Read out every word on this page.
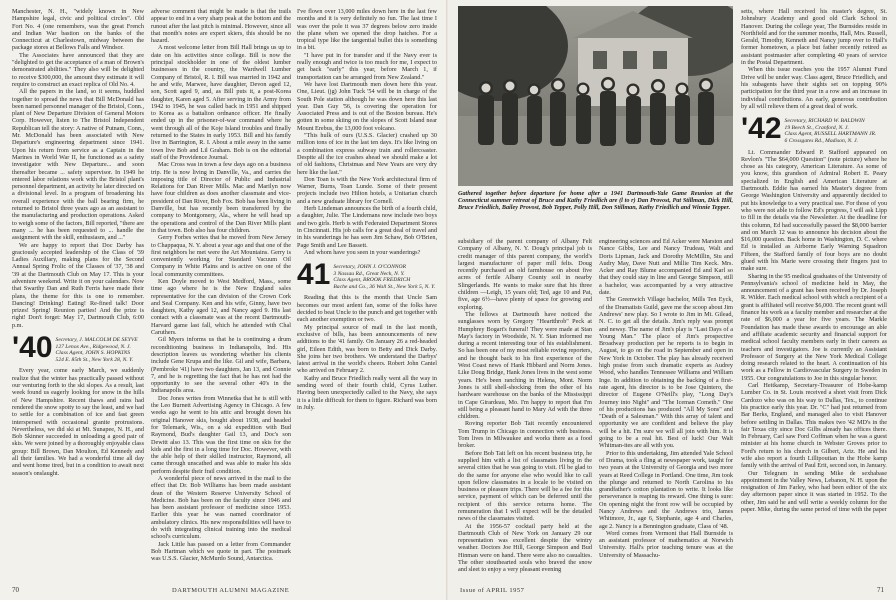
Manchester, N. H., "widely known in New Hampshire legal, civic and political circles". Old Fort No. 4 (one remembers, was the great French and Indian War bastion on the banks of the Connecticut at Charlestown, midway between the package stores at Bellows Falls and Windsor.

The Associates have announced that they are "delighted to get the acceptance of a man of Brown's demonstrated abilities." They also will be delighted to receive $300,000, the amount they estimate it will require to construct an exact replica of Old No. 4.

All the papers in the land, so it seems, huddled together to spread the news that Bill McDonald has been named personnel manager of the Bristol, Conn., plant of New Departure Division of General Motors Corp. However, listen to The Bristol Independent Republican tell the story: A native of Putnam, Conn., Mr. McDonald has been associated with New Departure's engineering department since 1941. Upon his return from service as a Captain in the Marines in World War II, he functioned as a safety investigator with New Departure... and soon thereafter became ... safety supervisor. In 1949 he entered labor relations work with the Bristol plant's personnel department, an activity he later directed on a divisional level. In a program of broadening his overall experience with the ball bearing firm, he returned to Bristol three years ago as an assistant to the manufacturing and production operations. Asked to weigh some of the factors, Bill reported, "there are many ... he has been requested to ... handle the assignment with the skill, enthusiasm, and ..."

We are happy to report that Doc Darby has graciously accepted leadership of the Class of '39 Ladies Auxiliary, making plans for the Second Annual Spring Frolic of the Classes of '37, '38 and '39 at the Dartmouth Club on May 17. This is your adventure weekend. Write it on your calendars. Now that Swarthy Dan and Ruth Ferris have made their plans, the theme for this is one to remember. Dancing! Drinking! Eating! Re-fined talk! Door prizes! Spring! Reunion parties! And the prize is right! Don't forget: May 17, Dartmouth Club, 6:00 p.m.

'40 Secretary, J. MALCOLM DE SEYVE
127 Lenox Ave., Ridgewood, N. J.
Class Agent, JOHN S. HOPKINS
524 E. 85th St., New York 28, N. Y.

Every year, come early March, we suddenly realize that the winter has practically passed without our venturing forth to the ski slopes. As a result, last week found us eagerly looking for snow in the hills of New Hampshire. Recent thaws and rains had rendered the snow spotty to say the least, and we had to settle for a combination of ice and fast green interspersed with occasional granite protrusions. Nevertheless, we did ski at Mt. Sunapee, N. H., and Bob Skinner succeeded in unloading a good pair of skis. We were joined by a thoroughly enjoyable class group: Bill Brown, Dan Moulton, Ed Kennedy and all their families. We had a wonderful time all day and went home tired, but in a condition to await next season's onslaught.

adverse comment that might be made is that the trails appear to end in a very sharp peak at the bottom and the runout after the last pitch is minimal. However, since all that month's notes are expert skiers, this should be no hazard.

A most welcome letter from Bill Hall brings us up to date on his activities since college. Bill is now the principal stockholder in one of the oldest lumber businesses in the country, the Wardwell Lumber Company of Bristol, R. I. Bill was married in 1942 and he and wife, Marwee, have daughter, Devon aged 12, son, Scott aged 9, and, as Bill puts it, a post-Korea daughter, Karen aged 5. After serving in the Army from 1942 to 1945, he was called back in 1951 and shipped to Korea as a battalion ordnance officer. He finally ended up in the prisoner-of-war command where he went through all of the Koje Island troubles and finally returned to the States in early 1953. Bill and his family live in Barrington, R. I. About a mile away in the same town live Bob and Lil Graham. Bob is on the editorial staff of the Providence Journal.

Mac Cross was in town a few days ago on a business trip. He is now living in Danville, Va., and carries the imposing title of Director of Public and Industrial Relations for Dan River Mills. Mac and Marilyn now have four children as does another classmate and vice-president of Dan River, Bob Fox. Bob has been living in Danville, but has recently been transferred by the company to Montgomery, Ala., where he will head up the operations and control of the Dan River Mills plant in that town. Bob also has four children.

Gerry Forbes writes that he moved from New Jersey to Chappaqua, N. Y. about a year ago and that one of the first neighbors he met were the Art Mountains. Gerry is conveniently working for Standard Vacuum Oil Company in White Plains and is active on one of the local community committees.

Ken Doyle moved to West Medford, Mass., some time ago where he is the New England sales representative for the can division of the Crown Cork and Seal Company. Ken and his wife, Ginny, have two daughters, Kathy aged 12, and Nancy aged 9. His last contact with a classmate was at the recent Dartmouth-Harvard game last fall, which he attended with Chal Caruthers.

Gil Myers informs us that he is continuing a drum reconditioning business in Indianapolis, Ind. His description leaves us wondering whether his clients include Gene Krupa and the like. Gil and wife, Barbara, (Pembroke '41) have two daughters, Jan 13, and Connie 7, and he is regretting the fact that he has not had the opportunity to see the several other 40's in the Indianapolis area.

Doc Jones writes from Winnetka that he is still with the Leo Burnett Advertising Agency in Chicago. A few weeks ago he went to his attic and brought down his original Hanover skis, bought about 1938, and headed for Telemark, Wis., on a ski expedition with Bud Raymond, Bud's daughter Gail 13, and Doc's son Dewitt also 13. This was the first time on skis for the kids and the first in a long time for Doc. However, with the able help of their skilled instructor, Raymond, all came through unscathed and was able to make his skis perform despite their frail condition.

A wonderful piece of news arrived in the mail to the effect that Dr. Bob Williams has been made assistant dean of the Western Reserve University School of Medicine. Bob has been on the faculty since 1946 and has been assistant professor of medicine since 1953. Earlier this year he was named coordinator of ambulatory clinics. His new responsibilities will have to do with integrating clinical training into the medical school's curriculum.

Jack Little has passed on a letter from Commander Bob Hartman which we quote in part. The postmark was U.S.S. Glacier, McMurdo Sound, Antarctica.

I've flown over 13,000 miles down here in the last few months and it is very definitely no fun. The last time I was over the pole it was 37 degrees below zero inside the plane when we opened the drop hatches. For a tropical type like the tangential bullet this is something in a bit.

"I have put in for transfer and if the Navy ever is really enough and twice is too much for me, I expect to get back "early" this year, before March 1, if transportation can be arranged from New Zealand."

We have lost Dartmouth men down here this year. One, Lieut. (jg) John Tuck '54 will be in charge of the South Pole station although he was down here this last year. Dan Guy '56, is covering the operation for Associated Press and is out of the Boston bureau. He's gotten in some skiing on the slopes of Scott Island near Mount Erebus, the 13,000 foot volcano.

"This hulk of ours (U.S.S. Glacier) crashed up 30 million tons of ice in the last ten days. It's like living on a combination express subway train and rollercoaster. Despite all the ice crashes ahead we should make a lot of old fashions, Christmas and New Years are very dry here like the last."

Don Toan is with the New York architectural firm of Warner, Burns, Toan Lunde. Some of their present projects include two Hilton hotels, a Unitarian church and a new graduate library for Cornell.

Herb Lindeman announces the birth of a fourth child, a daughter, Julie. The Lindemans now include two boys and two girls. Herb is with Federated Department Stores in Cincinnati. His job calls for a great deal of travel and in his wanderings he has seen Jim Schaw, Bob O'Brien, Page Smith and Lee Bassett.

And whom have you seen in your wanderings?

41 Secretary, JOHN J. O'CONNOR
3 Nassau Rd., Great Neck, N. Y.
Class Agent, BROOK FREDRICH
Bache and Co., 36 Wall St., New York 5, N. Y.

Reading that this is the month that Uncle Sam becomes our most ardent fan, some of the folks have decided to beat Uncle to the punch and get together with each another exemption or two.

My principal source of mail in the last month, exclusive of bills, has been announcements of new additions to the '41 family. On January 26 a red-headed girl, Eileen Edith, was born to Betty and Dick Darby. She joins her two brothers. We understand the Darbys' latest arrival in the world's cheers. Robert John Cantel who arrived on February 2.

Kathy and Bruce Friedlich really went all the way in sending word of their fourth child, Cyrus Luther. Having been unexpectedly called to the Navy, she says it is a little difficult for them to figure. Richard was born in July.

70	DARTMOUTH ALUMNI MAGAZINE
Gathered together before departure for home after a 1941 Dartmouth-Yale Game Reunion at the Connecticut summer retreat of Bruce and Kathy Friedlich are (l to r) Dan Provost, Pat Stillman, Dick Hill, Bruce Friedlich, Bailey Provost, Bob Tepper, Polly Hill, Don Stillman, Kathy Friedlich and Winnie Tepper.

subsidiary of the parent company of Albany Felt Company of Albany, N. Y. Doug's principal job is credit manager of this parent company, the world's largest manufacturer of paper mill felts. Doug recently purchased an old farmhouse on about five acres of fertile Albany County soil in nearby Slingerlands. He wants to make sure that his three children —Leigh, 15 years old; Ted, age 10 and Pat, five, age 6½—have plenty of space for growing and exploring.

The fellows at Dartmouth have noticed the sunglasses worn by Gregory "Heartthrob" Peck at Humphrey Bogart's funeral! They were made at Stan May's factory in Woodside, N. Y. Stan informed me during a recent interesting tour of his establishment. So has been one of my most reliable roving reporters, and he thought back to his first experience of the West Coast news of Hank Hibbard and Norm Jones. Like Doug Bridge, Hank Jones lives in the west some years. He's been ranching in Helena, Mont. Norm Jones is still shell-shocking from the other of his hardware warehouse on the banks of the Mississippi in Cape Girardeau, Mo. I'm happy to report that I'm still being a pleasant hand to Mary Ad with the three children.

Roving reporter Bob Tait recently encountered Tom Trump in Chicago in connection with business. Tom lives in Milwaukee and works there as a food broker.

Before Bob Tait left on his recent business trip, he supplied him with a list of classmates living in the several cities that he was going to visit. I'll be glad to do the same for anyone else who would like to call upon fellow classmates in a locale to be visited on business or pleasure trips. There will be a fee for this service, payment of which can be deferred until the recipient of this service returns home. The remuneration that I will expect will be the detailed news of the classmates visited.

At the 1956-57 cocktail party held at the Dartmouth Club of New York on January 29 our representation was excellent despite the wintry weather. Doctors Joe Hill, George Simpson and Bud Hinman were on hand. There were also no casualties. The other stouthearted souls who braved the snow and sleet to enjoy a very pleasant evening

engineering sciences and Ed Acker were Marston and Nance Gibbs, Lee and Nancy Trudeau, Walt and Doris Lipman, Jack and Dorothy McMillin, Stu and Audry May, Dave Nutt and Millie Tim Keck. Mrs. Acker and Ray Blume accompanied Ed and Karl so that they could stay in line and George Simpson, still a bachelor, was accompanied by a very attractive date.

The Greenwich Village bachelor, Mills Ten Eyck, of the Dramatists Guild, gave me the scoop about Jim Andrews' new play. So I wrote to Jim in Mt. Gilead, N. C. to get all the details. Jim's reply was prompt and newsy. The name of Jim's play is "Last Days of a Young Man." The place of Jim's prospective Broadway production per he reports is to begin in August, to go on the road in September and open in New York in October. The play has already received high praise from such dramatic experts as Audrey Wood, who handles Tennessee Williams and William Inge. In addition to obtaining the backing of a first-rate agent, his director is to be Jose Quintero, the director of Eugene O'Neill's play, "Long Day's Journey into Night" and "The Iceman Cometh." One of his productions has produced "All My Sons" and "Death of a Salesman." With this array of talent and opportunity we are confident and believe the play will be a hit. I'm sure we will all join with him. It is going to be a real hit. Best of luck! Our Walt Whitman-ites are all with you.

Prior to this undertaking, Jim attended Yale School of Drama, took a fling at newspaper work, taught for two years at the University of Georgia and two more years at Reed College in Portland. One time, Jim took the plunge and returned to North Carolina to his grandfather's cotton plantation to write. It looks like perseverance is reaping its reward. One thing is sure: On opening night the front row will be occupied by Nancy Andrews and the Andrews trio, James Whitmore, Jr., age 6, Stephanie, age 4 and Charles, age 2. Nancy is a Bennington graduate, Class of '48.

Word comes from Vermont that Hall Burnside is an assistant professor of mathematics at Norwich University. Hall's prior teaching tenure was at the University of Massachu-

setts, where Hall received his master's degree, St. Johnsbury Academy and good old Clark School in Hanover. During the college year, The Burnsides reside in Northfield and for the summer months, Hall, Mrs. Russell, Gerald, Timothy, Kenneth and Nancy jump over to Hall's former hometown, a place but father recently retired as assistant postmaster after completing 40 years of service in the Postal Department.

When this issue reaches you the 1957 Alumni Fund Drive will be under way. Class agent, Bruce Friedlich, and his subagents have their sights set on topping 90% participation for the third year in a row and an increase in individual contributions. An early, generous contribution by all will relieve them of a great deal of work.

'42 Secretary, RICHARD W. BALDWIN
19 Beech St., Cranford, N. J.
Class Agent, RUSSELL HARTMANN JR.
6 Crossgates Rd., Madison, N. J.

Lt. Commander Edward P. Stafford appeared on Revlon's "The $64,000 Question" (note picture) where he chose as his category, American Literature. As some of you know, this grandson of Admiral Robert E. Peary specialized in English and American Literature at Dartmouth. Eddie has earned his Master's degree from George Washington University and apparently decided to put his knowledge to a very practical use. For those of you who were not able to follow Ed's progress, I will ask Lipp to fill in the details via the Newsletter. At the deadline for this column, Ed had successfully passed the $8,000 barrier and on March 12 was to announce his decision about the $16,000 question. Back home in Washington, D. C. where Ed is installed as Airborne Early Warning Squadron Fifteen, the Stafford family of four boys are no doubt glued with his Marie were crossing their fingers just to make sure.

Sharing in the 95 medical graduates of the University of Pennsylvania's school of medicine held in May, the announcement of a grant has been received by Dr. Joseph R. Wilder. Each medical school with which a recipient of a grant is affiliated will receive $6,000. The recent grant will finance his work as a faculty member and researcher at the rate of $6,000 a year for five years. The Markle Foundation has made these awards to encourage an able and affiliate academic security and financial support for medical school faculty members early in their careers as teachers and investigators. Joe is currently an Assistant Professor of Surgery at the New York Medical College doing research related to the heart. A continuation of his work as a Fellow in Cardiovascular Surgery in Sweden in 1955. Our congratulations to Joe in this singular honor.

Carl Heitkamp, Secretary-Treasurer of Hobe-kamp Lumber Co. in St. Louis received a short visit from Dick Cardozo who was on his way to Dallas, Tex., to continue his practice early this year. Dr. "C" had just returned from Bar Berks, England, and managed also to visit Hanover before settling in Dallas. This makes two '42 MD's in the fair Texas city since Doc Gilbs already has offices there. In February, Carl saw Ford Coffman when he was a guest minister at his home church in Webster Groves prior to Ford's return to his church in Gilbert, Ariz. He and his wife also report a fourth Lillipoutian in the Hobe kamp family with the arrival of Paul Erit, second son, in January.

Our Telegram in sending Mike de sexhabase appointment in the Valley News, Lebanon, N. H. upon the resignation of Jim Farley, who had been editor of the six day afternoon paper since it was started in 1952. To the other, Jim said he and will write a weekly column for the paper. Mike, during the same period of time with the paper

Issue of APRIL 1957	71
